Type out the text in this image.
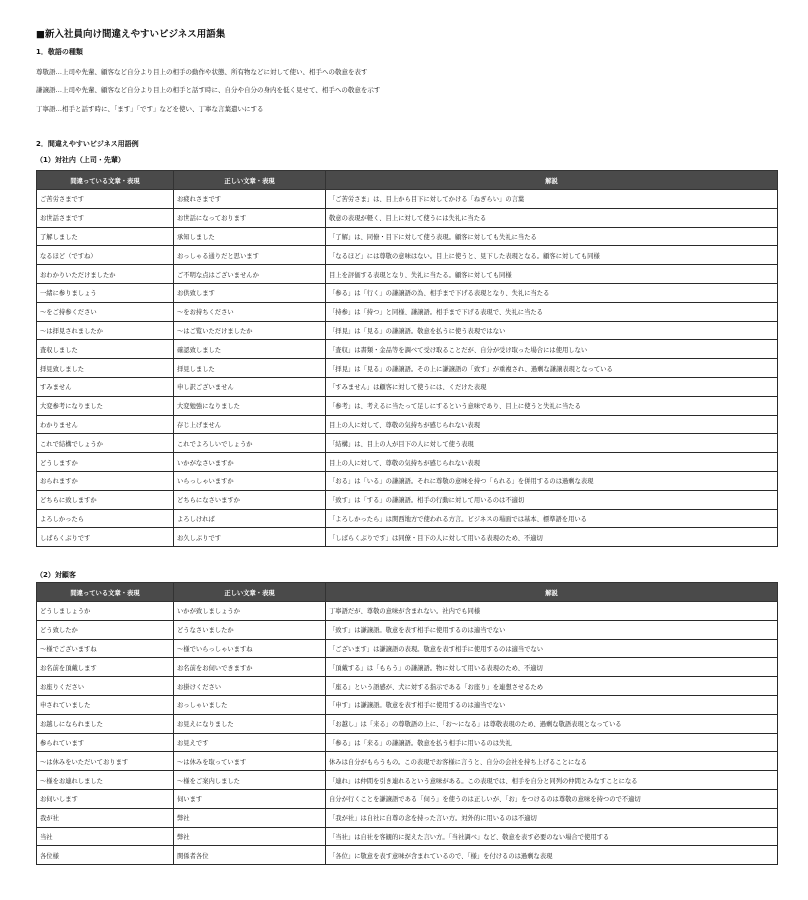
■新入社員向け間違えやすいビジネス用語集
1．敬語の種類
尊敬語…上司や先輩、顧客など自分より目上の相手の動作や状態、所有物などに対して使い、相手への敬意を表す
謙譲語…上司や先輩、顧客など自分より目上の相手と話す時に、自分や自分の身内を低く見せて、相手への敬意を示す
丁寧語…相手と話す時に、「ます」「です」などを使い、丁寧な言葉遣いにする
2．間違えやすいビジネス用語例
（1）対社内（上司・先輩）
間違っている文章・表現	正しい文章・表現	解説
ご苦労さまです	お疲れさまです	「ご苦労さま」は、目上から目下に対してかける「ねぎらい」の言葉
お世話さまです	お世話になっております	敬意の表現が軽く、目上に対して使うには失礼に当たる
了解しました	承知しました	「了解」は、同僚・目下に対して使う表現。顧客に対しても失礼に当たる
なるほど（ですね）	おっしゃる通りだと思います	「なるほど」には尊敬の意味はない。目上に使うと、見下した表現となる。顧客に対しても同様
おわかりいただけましたか	ご不明な点はございませんか	目上を評価する表現となり、失礼に当たる。顧客に対しても同様
一緒に参りましょう	お供致します	「参る」は「行く」の謙譲語の為、相手まで下げる表現となり、失礼に当たる
～をご持参ください	～をお持ちください	「持参」は「持つ」と同様、謙譲語。相手まで下げる表現で、失礼に当たる
～は拝見されましたか	～はご覧いただけましたか	「拝見」は「見る」の謙譲語。敬意を払うに使う表現ではない
査収しました	確認致しました	「査収」は書類・金品等を調べて受け取ることだが、自分が受け取った場合には使用しない
拝見致しました	拝見しました	「拝見」は「見る」の謙譲語。その上に謙譲語の「致す」が重複され、過剰な謙譲表現となっている
すみません	申し訳ございません	「すみません」は顧客に対して使うには、くだけた表現
大変参考になりました	大変勉強になりました	「参考」は、考えるに当たって足しにするという意味であり、目上に使うと失礼に当たる
わかりません	存じ上げません	目上の人に対して、尊敬の気持ちが感じられない表現
これで結構でしょうか	これでよろしいでしょうか	「結構」は、目上の人が目下の人に対して使う表現
どうしますか	いかがなさいますか	目上の人に対して、尊敬の気持ちが感じられない表現
おられますか	いらっしゃいますか	「おる」は「いる」の謙譲語。それに尊敬の意味を持つ「られる」を併用するのは過剰な表現
どちらに致しますか	どちらになさいますか	「致す」は「する」の謙譲語。相手の行動に対して用いるのは不適切
よろしかったら	よろしければ	「よろしかったら」は関西地方で使われる方言。ビジネスの場面では基本、標準語を用いる
しばらくぶりです	お久しぶりです	「しばらくぶりです」は同僚・目下の人に対して用いる表現のため、不適切
（2）対顧客
間違っている文章・表現	正しい文章・表現	解説
どうしましょうか	いかが致しましょうか	丁寧語だが、尊敬の意味が含まれない。社内でも同様
どう致したか	どうなさいましたか	「致す」は謙譲語。敬意を表す相手に使用するのは適当でない
～様でございますね	～様でいらっしゃいますね	「ございます」は謙譲語の表現。敬意を表す相手に使用するのは適当でない
お名前を頂戴します	お名前をお伺いできますか	「頂戴する」は「もらう」の謙譲語。物に対して用いる表現のため、不適切
お座りください	お掛けください	「座る」という語感が、犬に対する指示である「お座り」を連想させるため
申されていました	おっしゃいました	「申す」は謙譲語。敬意を表す相手に使用するのは適当でない
お越しになられました	お見えになりました	「お越し」は「来る」の尊敬語の上に、「お～になる」は尊敬表現のため、過剰な敬語表現となっている
参られています	お見えです	「参る」は「来る」の謙譲語。敬意を払う相手に用いるのは失礼
～は休みをいただいております	～は休みを取っています	休みは自分がもらうもの。この表現でお客様に言うと、自分の会社を持ち上げることになる
～様をお連れしました	～様をご案内しました	「連れ」は仲間を引き連れるという意味がある。この表現では、相手を自分と同列の仲間とみなすことになる
お伺いします	伺います	自分が行くことを謙譲語である「伺う」を使うのは正しいが、「お」をつけるのは尊敬の意味を持つので不適切
我が社	弊社	「我が社」は自社に自尊の念を持った言い方。対外的に用いるのは不適切
当社	弊社	「当社」は自社を客観的に捉えた言い方。「当社調べ」など、敬意を表す必要のない場合で使用する
各位様	関係者各位	「各位」に敬意を表す意味が含まれているので、「様」を付けるのは過剰な表現
